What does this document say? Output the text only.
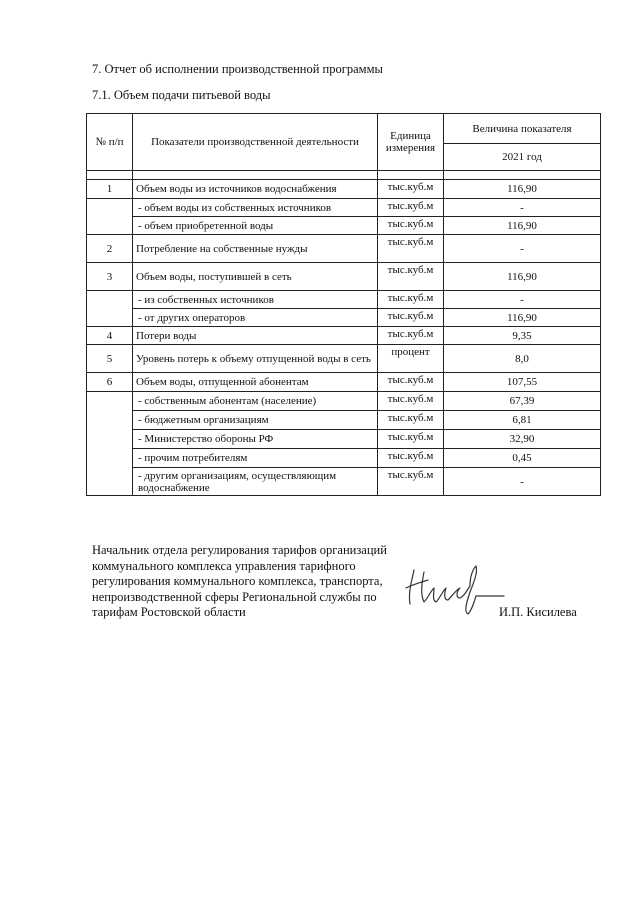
7. Отчет об исполнении производственной программы
7.1. Объем подачи питьевой воды
№ п/п	Показатели производственной деятельности	Единица измерения	Величина показателя
			2021 год

1	Объем воды из источников водоснабжения	тыс.куб.м	116,90
	- объем воды из собственных источников	тыс.куб.м	-
	- объем приобретенной воды	тыс.куб.м	116,90
2	Потребление на собственные нужды	тыс.куб.м	-
3	Объем воды, поступившей в сеть	тыс.куб.м	116,90
	- из собственных источников	тыс.куб.м	-
	- от других операторов	тыс.куб.м	116,90
4	Потери воды	тыс.куб.м	9,35
5	Уровень потерь к объему отпущенной воды в сеть	процент	8,0
6	Объем воды, отпущенной абонентам	тыс.куб.м	107,55
	- собственным абонентам (население)	тыс.куб.м	67,39
	- бюджетным организациям	тыс.куб.м	6,81
	- Министерство обороны РФ	тыс.куб.м	32,90
	- прочим потребителям	тыс.куб.м	0,45
	- другим организациям, осуществляющим водоснабжение	тыс.куб.м	-
Начальник отдела регулирования тарифов организаций
коммунального комплекса управления тарифного
регулирования коммунального комплекса, транспорта,
непроизводственной сферы Региональной службы по
тарифам Ростовской области	И.П. Кисилева
